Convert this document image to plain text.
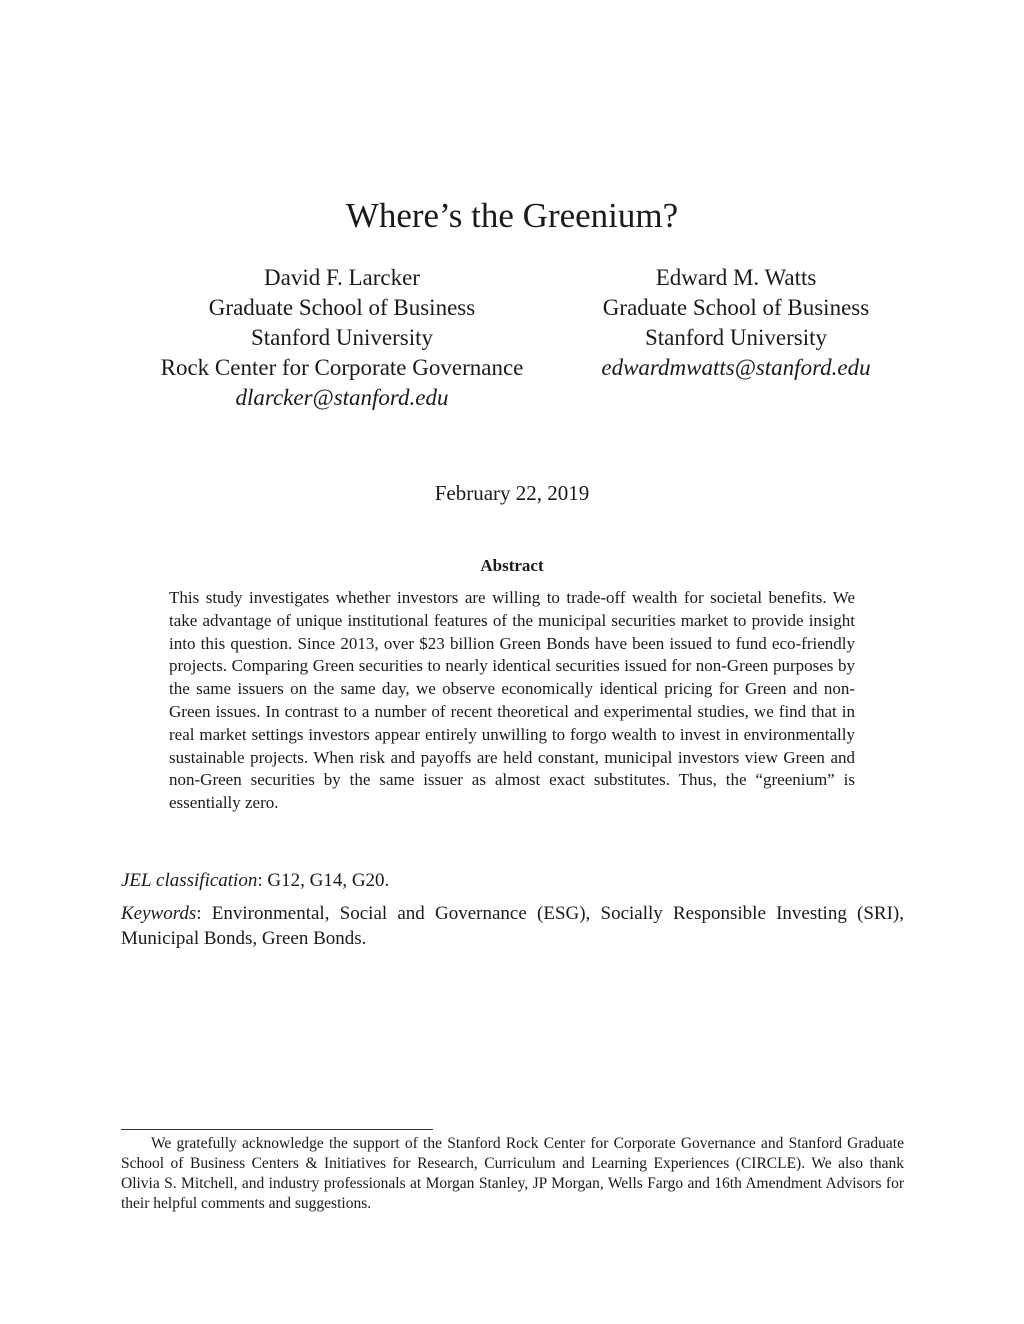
Where’s the Greenium?
David F. Larcker
Graduate School of Business
Stanford University
Rock Center for Corporate Governance
dlarcker@stanford.edu
Edward M. Watts
Graduate School of Business
Stanford University
edwardmwatts@stanford.edu
February 22, 2019
Abstract
This study investigates whether investors are willing to trade-off wealth for societal benefits. We take advantage of unique institutional features of the municipal securities market to provide insight into this question. Since 2013, over $23 billion Green Bonds have been issued to fund eco-friendly projects. Comparing Green securities to nearly identical securities issued for non-Green purposes by the same issuers on the same day, we observe economically identical pricing for Green and non-Green issues. In contrast to a number of recent theoretical and experimental studies, we find that in real market settings investors appear entirely unwilling to forgo wealth to invest in environmentally sustainable projects. When risk and payoffs are held constant, municipal investors view Green and non-Green securities by the same issuer as almost exact substitutes. Thus, the “greenium” is essentially zero.
JEL classification: G12, G14, G20.
Keywords: Environmental, Social and Governance (ESG), Socially Responsible Investing (SRI), Municipal Bonds, Green Bonds.
We gratefully acknowledge the support of the Stanford Rock Center for Corporate Governance and Stanford Graduate School of Business Centers & Initiatives for Research, Curriculum and Learning Experiences (CIRCLE). We also thank Olivia S. Mitchell, and industry professionals at Morgan Stanley, JP Morgan, Wells Fargo and 16th Amendment Advisors for their helpful comments and suggestions.
